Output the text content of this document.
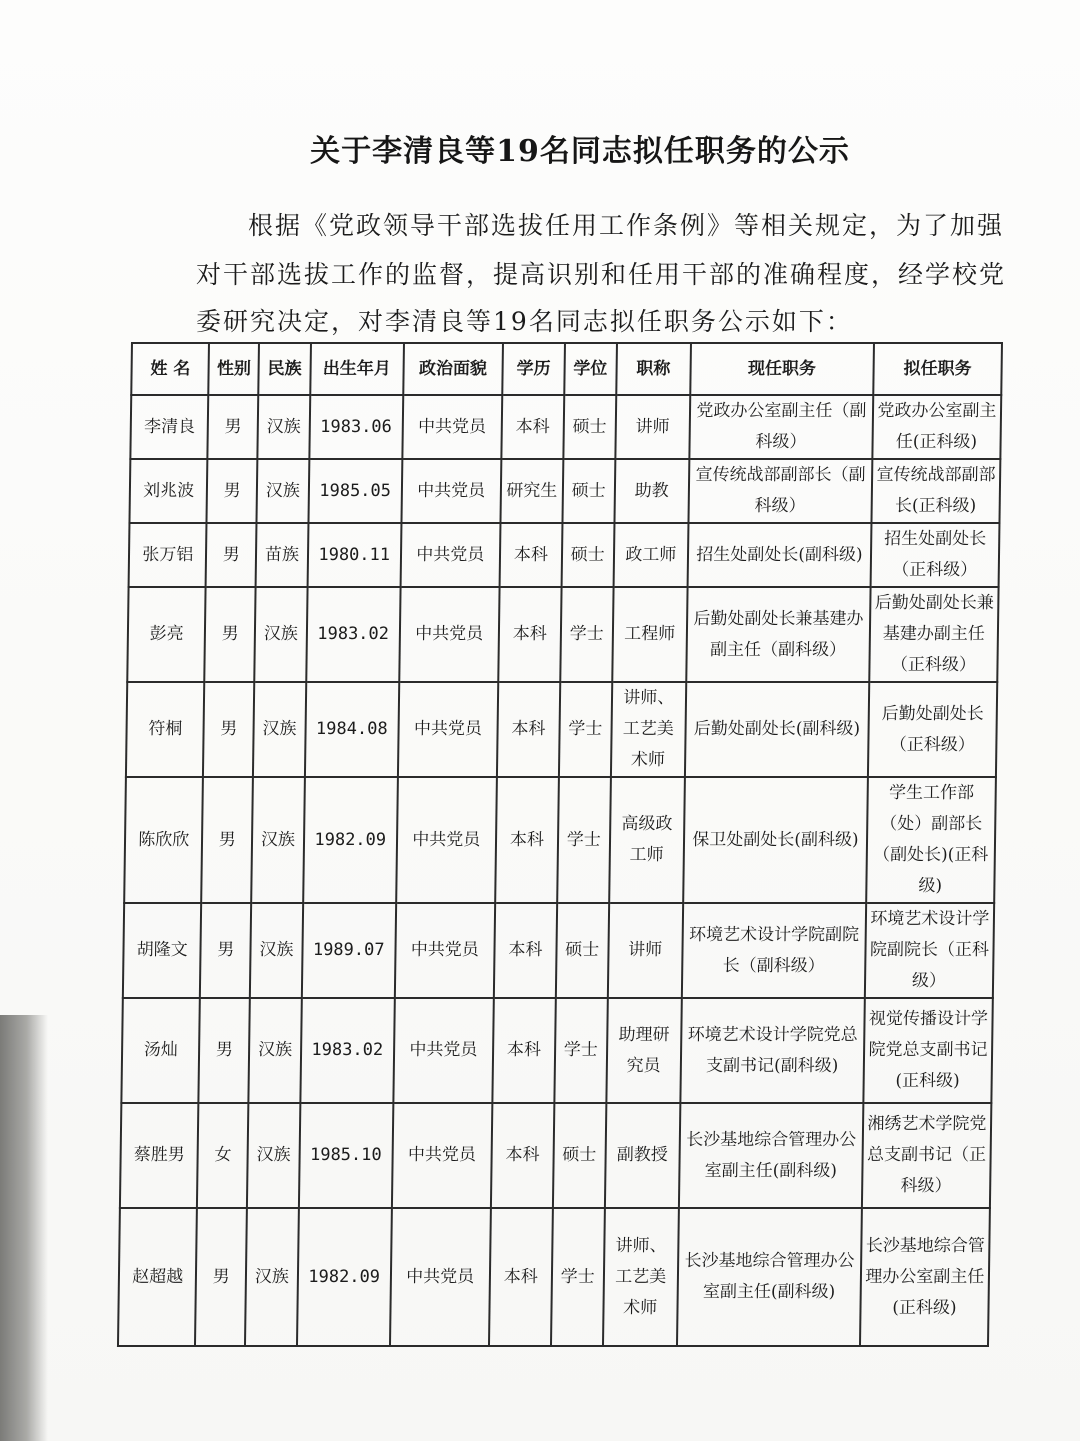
关于李清良等19名同志拟任职务的公示
根据《党政领导干部选拔任用工作条例》等相关规定，为了加强
对干部选拔工作的监督，提高识别和任用干部的准确程度，经学校党
委研究决定，对李清良等19名同志拟任职务公示如下：
姓 名	性别	民族	出生年月	政治面貌	学历	学位	职称	现任职务	拟任职务
李清良	男	汉族	1983.06	中共党员	本科	硕士	讲师	党政办公室副主任（副科级）	党政办公室副主任(正科级)
刘兆波	男	汉族	1985.05	中共党员	研究生	硕士	助教	宣传统战部副部长（副科级）	宣传统战部副部长(正科级)
张万铝	男	苗族	1980.11	中共党员	本科	硕士	政工师	招生处副处长(副科级)	招生处副处长（正科级）
彭亮	男	汉族	1983.02	中共党员	本科	学士	工程师	后勤处副处长兼基建办副主任（副科级）	后勤处副处长兼基建办副主任（正科级）
符桐	男	汉族	1984.08	中共党员	本科	学士	讲师、工艺美术师	后勤处副处长(副科级)	后勤处副处长（正科级）
陈欣欣	男	汉族	1982.09	中共党员	本科	学士	高级政工师	保卫处副处长(副科级)	学生工作部（处）副部长（副处长)(正科级)
胡隆文	男	汉族	1989.07	中共党员	本科	硕士	讲师	环境艺术设计学院副院长（副科级）	环境艺术设计学院副院长（正科级）
汤灿	男	汉族	1983.02	中共党员	本科	学士	助理研究员	环境艺术设计学院党总支副书记(副科级)	视觉传播设计学院党总支副书记(正科级)
蔡胜男	女	汉族	1985.10	中共党员	本科	硕士	副教授	长沙基地综合管理办公室副主任(副科级)	湘绣艺术学院党总支副书记（正科级）
赵超越	男	汉族	1982.09	中共党员	本科	学士	讲师、工艺美术师	长沙基地综合管理办公室副主任(副科级)	长沙基地综合管理办公室副主任(正科级)
